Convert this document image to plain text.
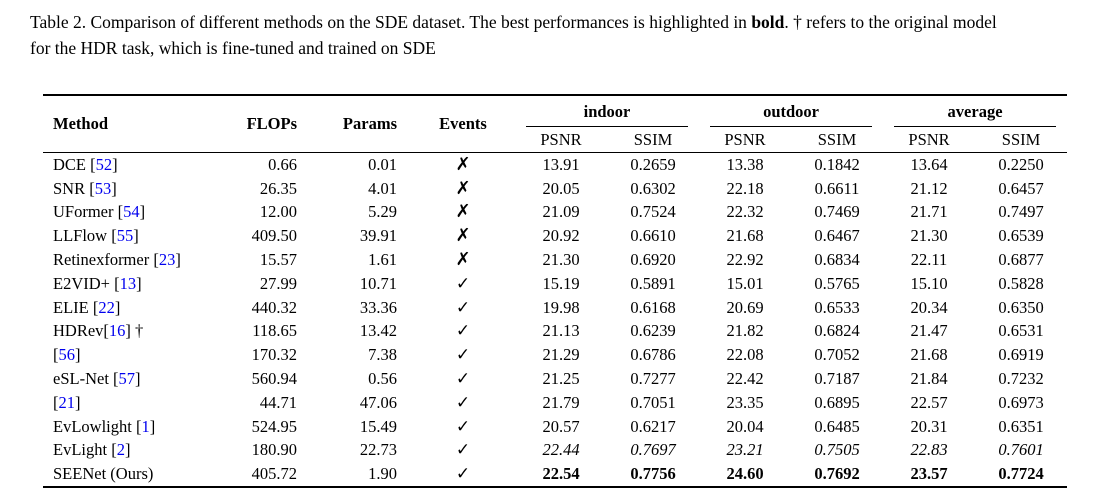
Table 2. Comparison of different methods on the SDE dataset. The best performances is highlighted in bold. † refers to the original model
for the HDR task, which is fine-tuned and trained on SDE
Method	FLOPs	Params	Events	indoor		outdoor		average	
				PSNR	SSIM	PSNR	SSIM	PSNR	SSIM
DCE [52]	0.66	0.01	✗	13.91	0.2659	13.38	0.1842	13.64	0.2250
SNR [53]	26.35	4.01	✗	20.05	0.6302	22.18	0.6611	21.12	0.6457
UFormer [54]	12.00	5.29	✗	21.09	0.7524	22.32	0.7469	21.71	0.7497
LLFlow [55]	409.50	39.91	✗	20.92	0.6610	21.68	0.6467	21.30	0.6539
Retinexformer [23]	15.57	1.61	✗	21.30	0.6920	22.92	0.6834	22.11	0.6877
E2VID+ [13]	27.99	10.71	✓	15.19	0.5891	15.01	0.5765	15.10	0.5828
ELIE [22]	440.32	33.36	✓	19.98	0.6168	20.69	0.6533	20.34	0.6350
HDRev[16] †	118.65	13.42	✓	21.13	0.6239	21.82	0.6824	21.47	0.6531
[56]	170.32	7.38	✓	21.29	0.6786	22.08	0.7052	21.68	0.6919
eSL-Net [57]	560.94	0.56	✓	21.25	0.7277	22.42	0.7187	21.84	0.7232
[21]	44.71	47.06	✓	21.79	0.7051	23.35	0.6895	22.57	0.6973
EvLowlight [1]	524.95	15.49	✓	20.57	0.6217	20.04	0.6485	20.31	0.6351
EvLight [2]	180.90	22.73	✓	22.44	0.7697	23.21	0.7505	22.83	0.7601
SEENet (Ours)	405.72	1.90	✓	22.54	0.7756	24.60	0.7692	23.57	0.7724
